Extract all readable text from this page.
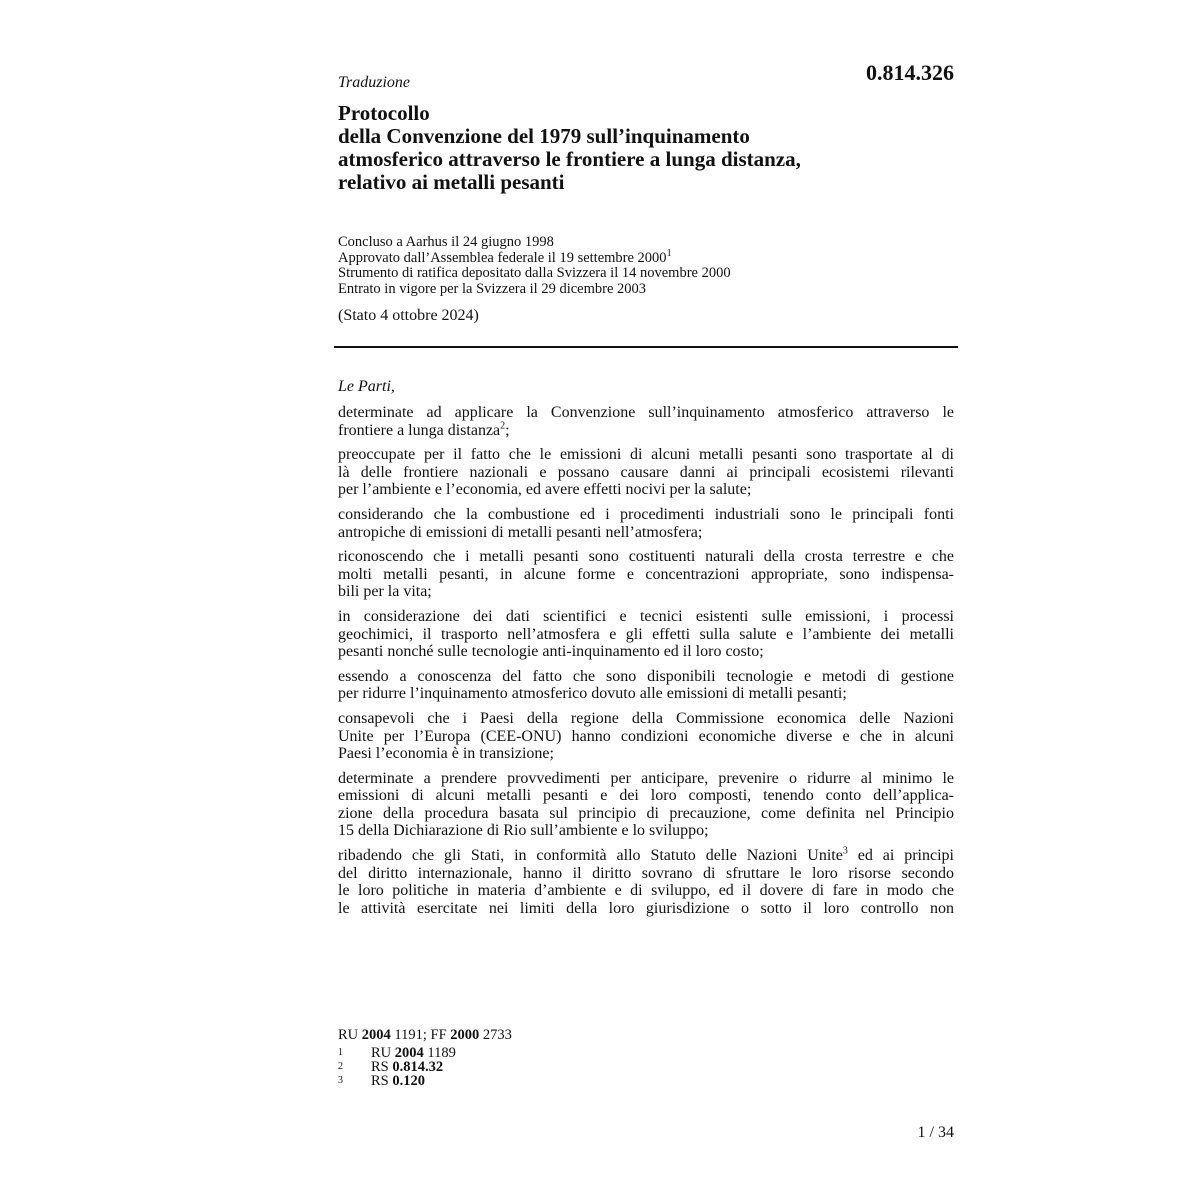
0.814.326
Traduzione
Protocollo
della Convenzione del 1979 sull’inquinamento
atmosferico attraverso le frontiere a lunga distanza,
relativo ai metalli pesanti
Concluso a Aarhus il 24 giugno 1998
Approvato dall’Assemblea federale il 19 settembre 2000$^1$
Strumento di ratifica depositato dalla Svizzera il 14 novembre 2000
Entrato in vigore per la Svizzera il 29 dicembre 2003
(Stato 4 ottobre 2024)
Le Parti,
determinate ad applicare la Convenzione sull’inquinamento atmosferico attraverso le
frontiere a lunga distanza$^2$;
preoccupate per il fatto che le emissioni di alcuni metalli pesanti sono trasportate al di
là delle frontiere nazionali e possano causare danni ai principali ecosistemi rilevanti
per l’ambiente e l’economia, ed avere effetti nocivi per la salute;
considerando che la combustione ed i procedimenti industriali sono le principali fonti
antropiche di emissioni di metalli pesanti nell’atmosfera;
riconoscendo che i metalli pesanti sono costituenti naturali della crosta terrestre e che
molti metalli pesanti, in alcune forme e concentrazioni appropriate, sono indispensa-
bili per la vita;
in considerazione dei dati scientifici e tecnici esistenti sulle emissioni, i processi
geochimici, il trasporto nell’atmosfera e gli effetti sulla salute e l’ambiente dei metalli
pesanti nonché sulle tecnologie anti-inquinamento ed il loro costo;
essendo a conoscenza del fatto che sono disponibili tecnologie e metodi di gestione
per ridurre l’inquinamento atmosferico dovuto alle emissioni di metalli pesanti;
consapevoli che i Paesi della regione della Commissione economica delle Nazioni
Unite per l’Europa (CEE-ONU) hanno condizioni economiche diverse e che in alcuni
Paesi l’economia è in transizione;
determinate a prendere provvedimenti per anticipare, prevenire o ridurre al minimo le
emissioni di alcuni metalli pesanti e dei loro composti, tenendo conto dell’applica-
zione della procedura basata sul principio di precauzione, come definita nel Principio
15 della Dichiarazione di Rio sull’ambiente e lo sviluppo;
ribadendo che gli Stati, in conformità allo Statuto delle Nazioni Unite$^3$ ed ai principi
del diritto internazionale, hanno il diritto sovrano di sfruttare le loro risorse secondo
le loro politiche in materia d’ambiente e di sviluppo, ed il dovere di fare in modo che
le attività esercitate nei limiti della loro giurisdizione o sotto il loro controllo non
RU 2004 1191; FF 2000 2733
1 RU 2004 1189
2 RS 0.814.32
3 RS 0.120
1 / 34
